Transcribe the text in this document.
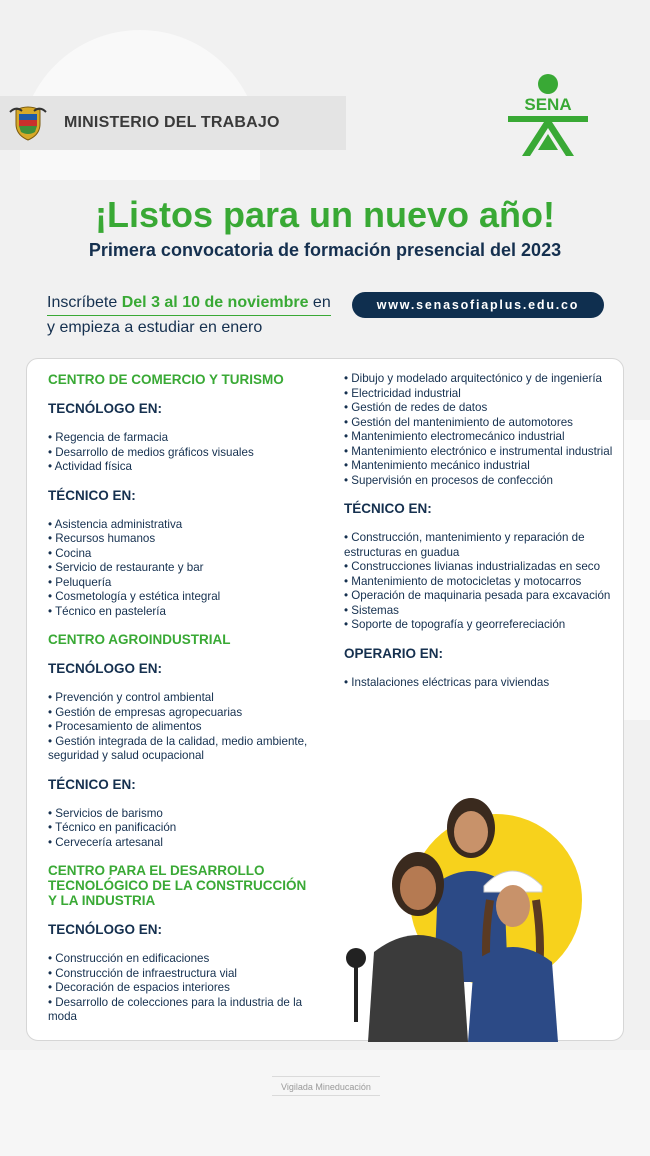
MINISTERIO DEL TRABAJO
SENA
¡Listos para un nuevo año!
Primera convocatoria de formación presencial del 2023
Inscríbete Del 3 al 10 de noviembre en
y empieza a estudiar en enero
www.senasofiaplus.edu.co
CENTRO DE COMERCIO Y TURISMO
TECNÓLOGO EN:
• Regencia de farmacia
• Desarrollo de medios gráficos visuales
• Actividad física
TÉCNICO EN:
• Asistencia administrativa
• Recursos humanos
• Cocina
• Servicio de restaurante y bar
• Peluquería
• Cosmetología y estética integral
• Técnico en pastelería
CENTRO AGROINDUSTRIAL
TECNÓLOGO EN:
• Prevención y control ambiental
• Gestión de empresas agropecuarias
• Procesamiento de alimentos
• Gestión integrada de la calidad, medio ambiente, seguridad y salud ocupacional
TÉCNICO EN:
• Servicios de barismo
• Técnico en panificación
• Cervecería artesanal
CENTRO PARA EL DESARROLLO TECNOLÓGICO DE LA CONSTRUCCIÓN Y LA INDUSTRIA
TECNÓLOGO EN:
• Construcción en edificaciones
• Construcción de infraestructura vial
• Decoración de espacios interiores
• Desarrollo de colecciones para la industria de la moda
• Dibujo y modelado arquitectónico y de ingeniería
• Electricidad industrial
• Gestión de redes de datos
• Gestión del mantenimiento de automotores
• Mantenimiento electromecánico industrial
• Mantenimiento electrónico e instrumental industrial
• Mantenimiento mecánico industrial
• Supervisión en procesos de confección
TÉCNICO EN:
• Construcción, mantenimiento y reparación de estructuras en guadua
• Construcciones livianas industrializadas en seco
• Mantenimiento de motocicletas y motocarros
• Operación de maquinaria pesada para excavación
• Sistemas
• Soporte de topografía y georrefereciación
OPERARIO EN:
• Instalaciones eléctricas para viviendas
Vigilada Mineducación
